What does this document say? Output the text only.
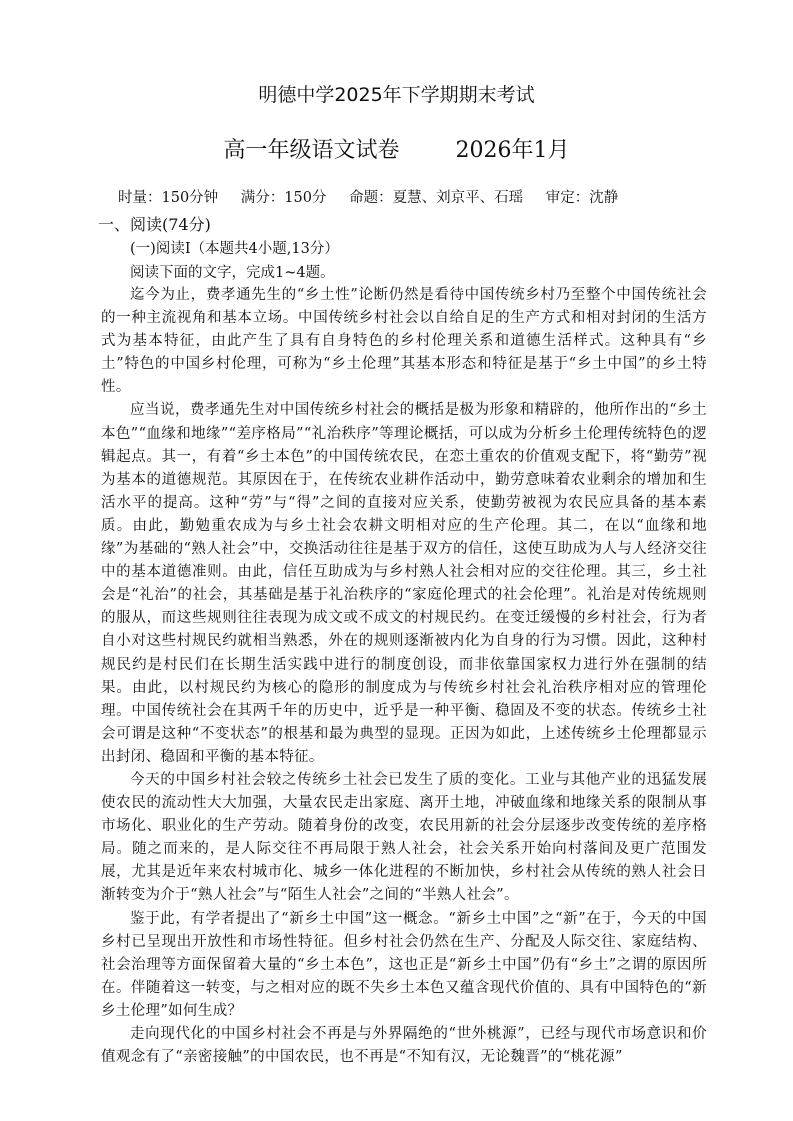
明德中学2025年下学期期末考试
高一年级语文试卷	2026年1月
时量：150分钟 满分：150分 命题：夏慧、刘京平、石瑶 审定：沈静
一、阅读(74分)
(一)阅读Ⅰ（本题共4小题,13分）
阅读下面的文字，完成1~4题。

迄今为止，费孝通先生的“乡土性”论断仍然是看待中国传统乡村乃至整个中国传统社会的一种主流视角和基本立场。中国传统乡村社会以自给自足的生产方式和相对封闭的生活方式为基本特征，由此产生了具有自身特色的乡村伦理关系和道德生活样式。这种具有“乡土”特色的中国乡村伦理，可称为“乡土伦理”其基本形态和特征是基于“乡土中国”的乡土特性。

应当说，费孝通先生对中国传统乡村社会的概括是极为形象和精辟的，他所作出的“乡土本色”“血缘和地缘”“差序格局”“礼治秩序”等理论概括，可以成为分析乡土伦理传统特色的逻辑起点。其一，有着“乡土本色”的中国传统农民，在恋土重农的价值观支配下，将“勤劳”视为基本的道德规范。其原因在于，在传统农业耕作活动中，勤劳意味着农业剩余的增加和生活水平的提高。这种“劳”与“得”之间的直接对应关系，使勤劳被视为农民应具备的基本素质。由此，勤勉重农成为与乡土社会农耕文明相对应的生产伦理。其二，在以“血缘和地缘”为基础的“熟人社会”中，交换活动往往是基于双方的信任，这使互助成为人与人经济交往中的基本道德准则。由此，信任互助成为与乡村熟人社会相对应的交往伦理。其三，乡土社会是“礼治”的社会，其基础是基于礼治秩序的“家庭伦理式的社会伦理”。礼治是对传统规则的服从，而这些规则往往表现为成文或不成文的村规民约。在变迁缓慢的乡村社会，行为者自小对这些村规民约就相当熟悉，外在的规则逐渐被内化为自身的行为习惯。因此，这种村规民约是村民们在长期生活实践中进行的制度创设，而非依靠国家权力进行外在强制的结果。由此，以村规民约为核心的隐形的制度成为与传统乡村社会礼治秩序相对应的管理伦理。中国传统社会在其两千年的历史中，近乎是一种平衡、稳固及不变的状态。传统乡土社会可谓是这种“不变状态”的根基和最为典型的显现。正因为如此，上述传统乡土伦理都显示出封闭、稳固和平衡的基本特征。

今天的中国乡村社会较之传统乡土社会已发生了质的变化。工业与其他产业的迅猛发展使农民的流动性大大加强，大量农民走出家庭、离开土地，冲破血缘和地缘关系的限制从事市场化、职业化的生产劳动。随着身份的改变，农民用新的社会分层逐步改变传统的差序格局。随之而来的，是人际交往不再局限于熟人社会，社会关系开始向村落间及更广范围发展，尤其是近年来农村城市化、城乡一体化进程的不断加快，乡村社会从传统的熟人社会日渐转变为介于“熟人社会”与“陌生人社会”之间的“半熟人社会”。

鉴于此，有学者提出了“新乡土中国”这一概念。“新乡土中国”之“新”在于，今天的中国乡村已呈现出开放性和市场性特征。但乡村社会仍然在生产、分配及人际交往、家庭结构、社会治理等方面保留着大量的“乡土本色”，这也正是“新乡土中国”仍有“乡土”之谓的原因所在。伴随着这一转变，与之相对应的既不失乡土本色又蕴含现代价值的、具有中国特色的“新乡土伦理”如何生成？

走向现代化的中国乡村社会不再是与外界隔绝的“世外桃源”，已经与现代市场意识和价值观念有了“亲密接触”的中国农民，也不再是“不知有汉，无论魏晋”的“桃花源”
